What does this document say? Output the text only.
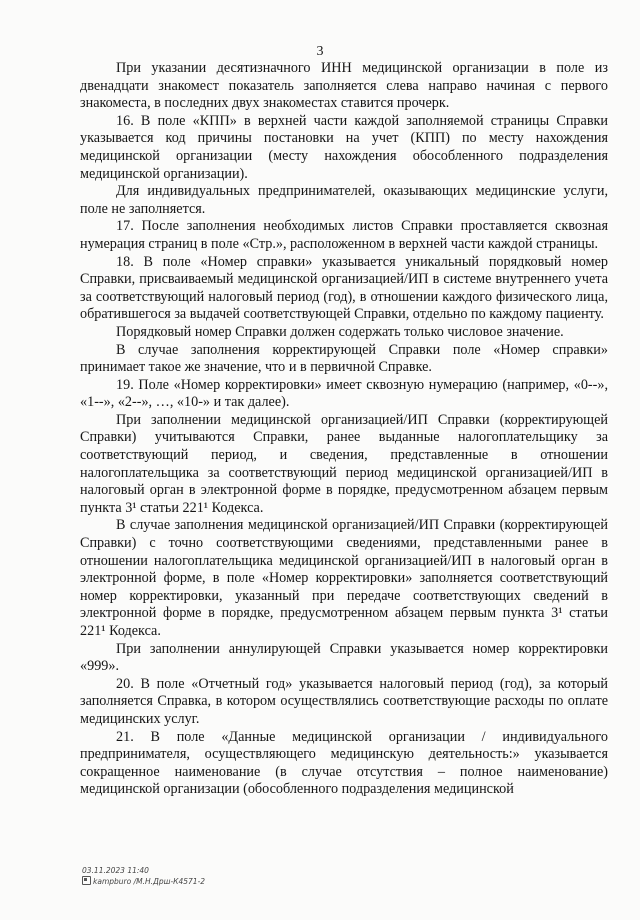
3

При указании десятизначного ИНН медицинской организации в поле из двенадцати знакомест показатель заполняется слева направо начиная с первого знакоместа, в последних двух знакоместах ставится прочерк.

16. В поле «КПП» в верхней части каждой заполняемой страницы Справки указывается код причины постановки на учет (КПП) по месту нахождения медицинской организации (месту нахождения обособленного подразделения медицинской организации).

Для индивидуальных предпринимателей, оказывающих медицинские услуги, поле не заполняется.

17. После заполнения необходимых листов Справки проставляется сквозная нумерация страниц в поле «Стр.», расположенном в верхней части каждой страницы.

18. В поле «Номер справки» указывается уникальный порядковый номер Справки, присваиваемый медицинской организацией/ИП в системе внутреннего учета за соответствующий налоговый период (год), в отношении каждого физического лица, обратившегося за выдачей соответствующей Справки, отдельно по каждому пациенту.

Порядковый номер Справки должен содержать только числовое значение.

В случае заполнения корректирующей Справки поле «Номер справки» принимает такое же значение, что и в первичной Справке.

19. Поле «Номер корректировки» имеет сквозную нумерацию (например, «0--», «1--», «2--», …, «10-» и так далее).

При заполнении медицинской организацией/ИП Справки (корректирующей Справки) учитываются Справки, ранее выданные налогоплательщику за соответствующий период, и сведения, представленные в отношении налогоплательщика за соответствующий период медицинской организацией/ИП в налоговый орган в электронной форме в порядке, предусмотренном абзацем первым пункта 3¹ статьи 221¹ Кодекса.

В случае заполнения медицинской организацией/ИП Справки (корректирующей Справки) с точно соответствующими сведениями, представленными ранее в отношении налогоплательщика медицинской организацией/ИП в налоговый орган в электронной форме, в поле «Номер корректировки» заполняется соответствующий номер корректировки, указанный при передаче соответствующих сведений в электронной форме в порядке, предусмотренном абзацем первым пункта 3¹ статьи 221¹ Кодекса.

При заполнении аннулирующей Справки указывается номер корректировки «999».

20. В поле «Отчетный год» указывается налоговый период (год), за который заполняется Справка, в котором осуществлялись соответствующие расходы по оплате медицинских услуг.

21. В поле «Данные медицинской организации / индивидуального предпринимателя, осуществляющего медицинскую деятельность:» указывается сокращенное наименование (в случае отсутствия – полное наименование) медицинской организации (обособленного подразделения медицинской

03.11.2023 11:40
kampburo /М.Н.Дрш-К4571-2
